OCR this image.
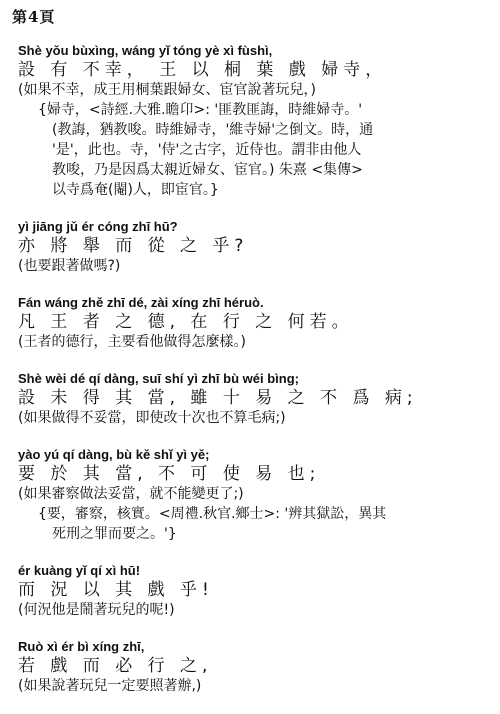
第4頁
Shè yǒu bùxìng, wáng yǐ tóng yè xì fùshì,
設 有 不幸， 王 以 桐 葉 戲 婦寺，
(如果不幸，成王用桐葉跟婦女、宦官說著玩兒，)
{婦寺，<詩經.大雅.瞻卬>: '匪教匪誨，時維婦寺。'
(教誨，猶教唆。時維婦寺，'維寺婦'之倒文。時，通
'是'，此也。寺，'侍'之古字，近侍也。謂非由他人
教唆，乃是因爲太親近婦女、宦官。) 朱熹 <集傳>
以寺爲奄(閹)人，即宦官。}
yì jiāng jǔ ér cóng zhī hū?
亦 將 舉 而 從 之 乎?
(也要跟著做嗎?)
Fán wáng zhě zhī dé, zài xíng zhī héruò.
凡 王 者 之 德, 在 行 之 何若。
(王者的德行，主要看他做得怎麼樣。)
Shè wèi dé qí dàng, suī shí yì zhī bù wéi bìng;
設 未 得 其 當, 雖 十 易 之 不 爲 病;
(如果做得不妥當，即使改十次也不算毛病;)
yào yú qí dàng, bù kě shǐ yì yě;
要 於 其 當, 不 可 使 易 也;
(如果審察做法妥當，就不能變更了;)
{要，審察，核實。<周禮.秋官.鄉士>: '辨其獄訟，異其
死刑之罪而要之。'}
ér kuàng yǐ qí xì hū!
而 況 以 其 戲 乎!
(何況他是鬧著玩兒的呢!)
Ruò xì ér bì xíng zhī,
若 戲 而 必 行 之,
(如果說著玩兒一定要照著辦,)
